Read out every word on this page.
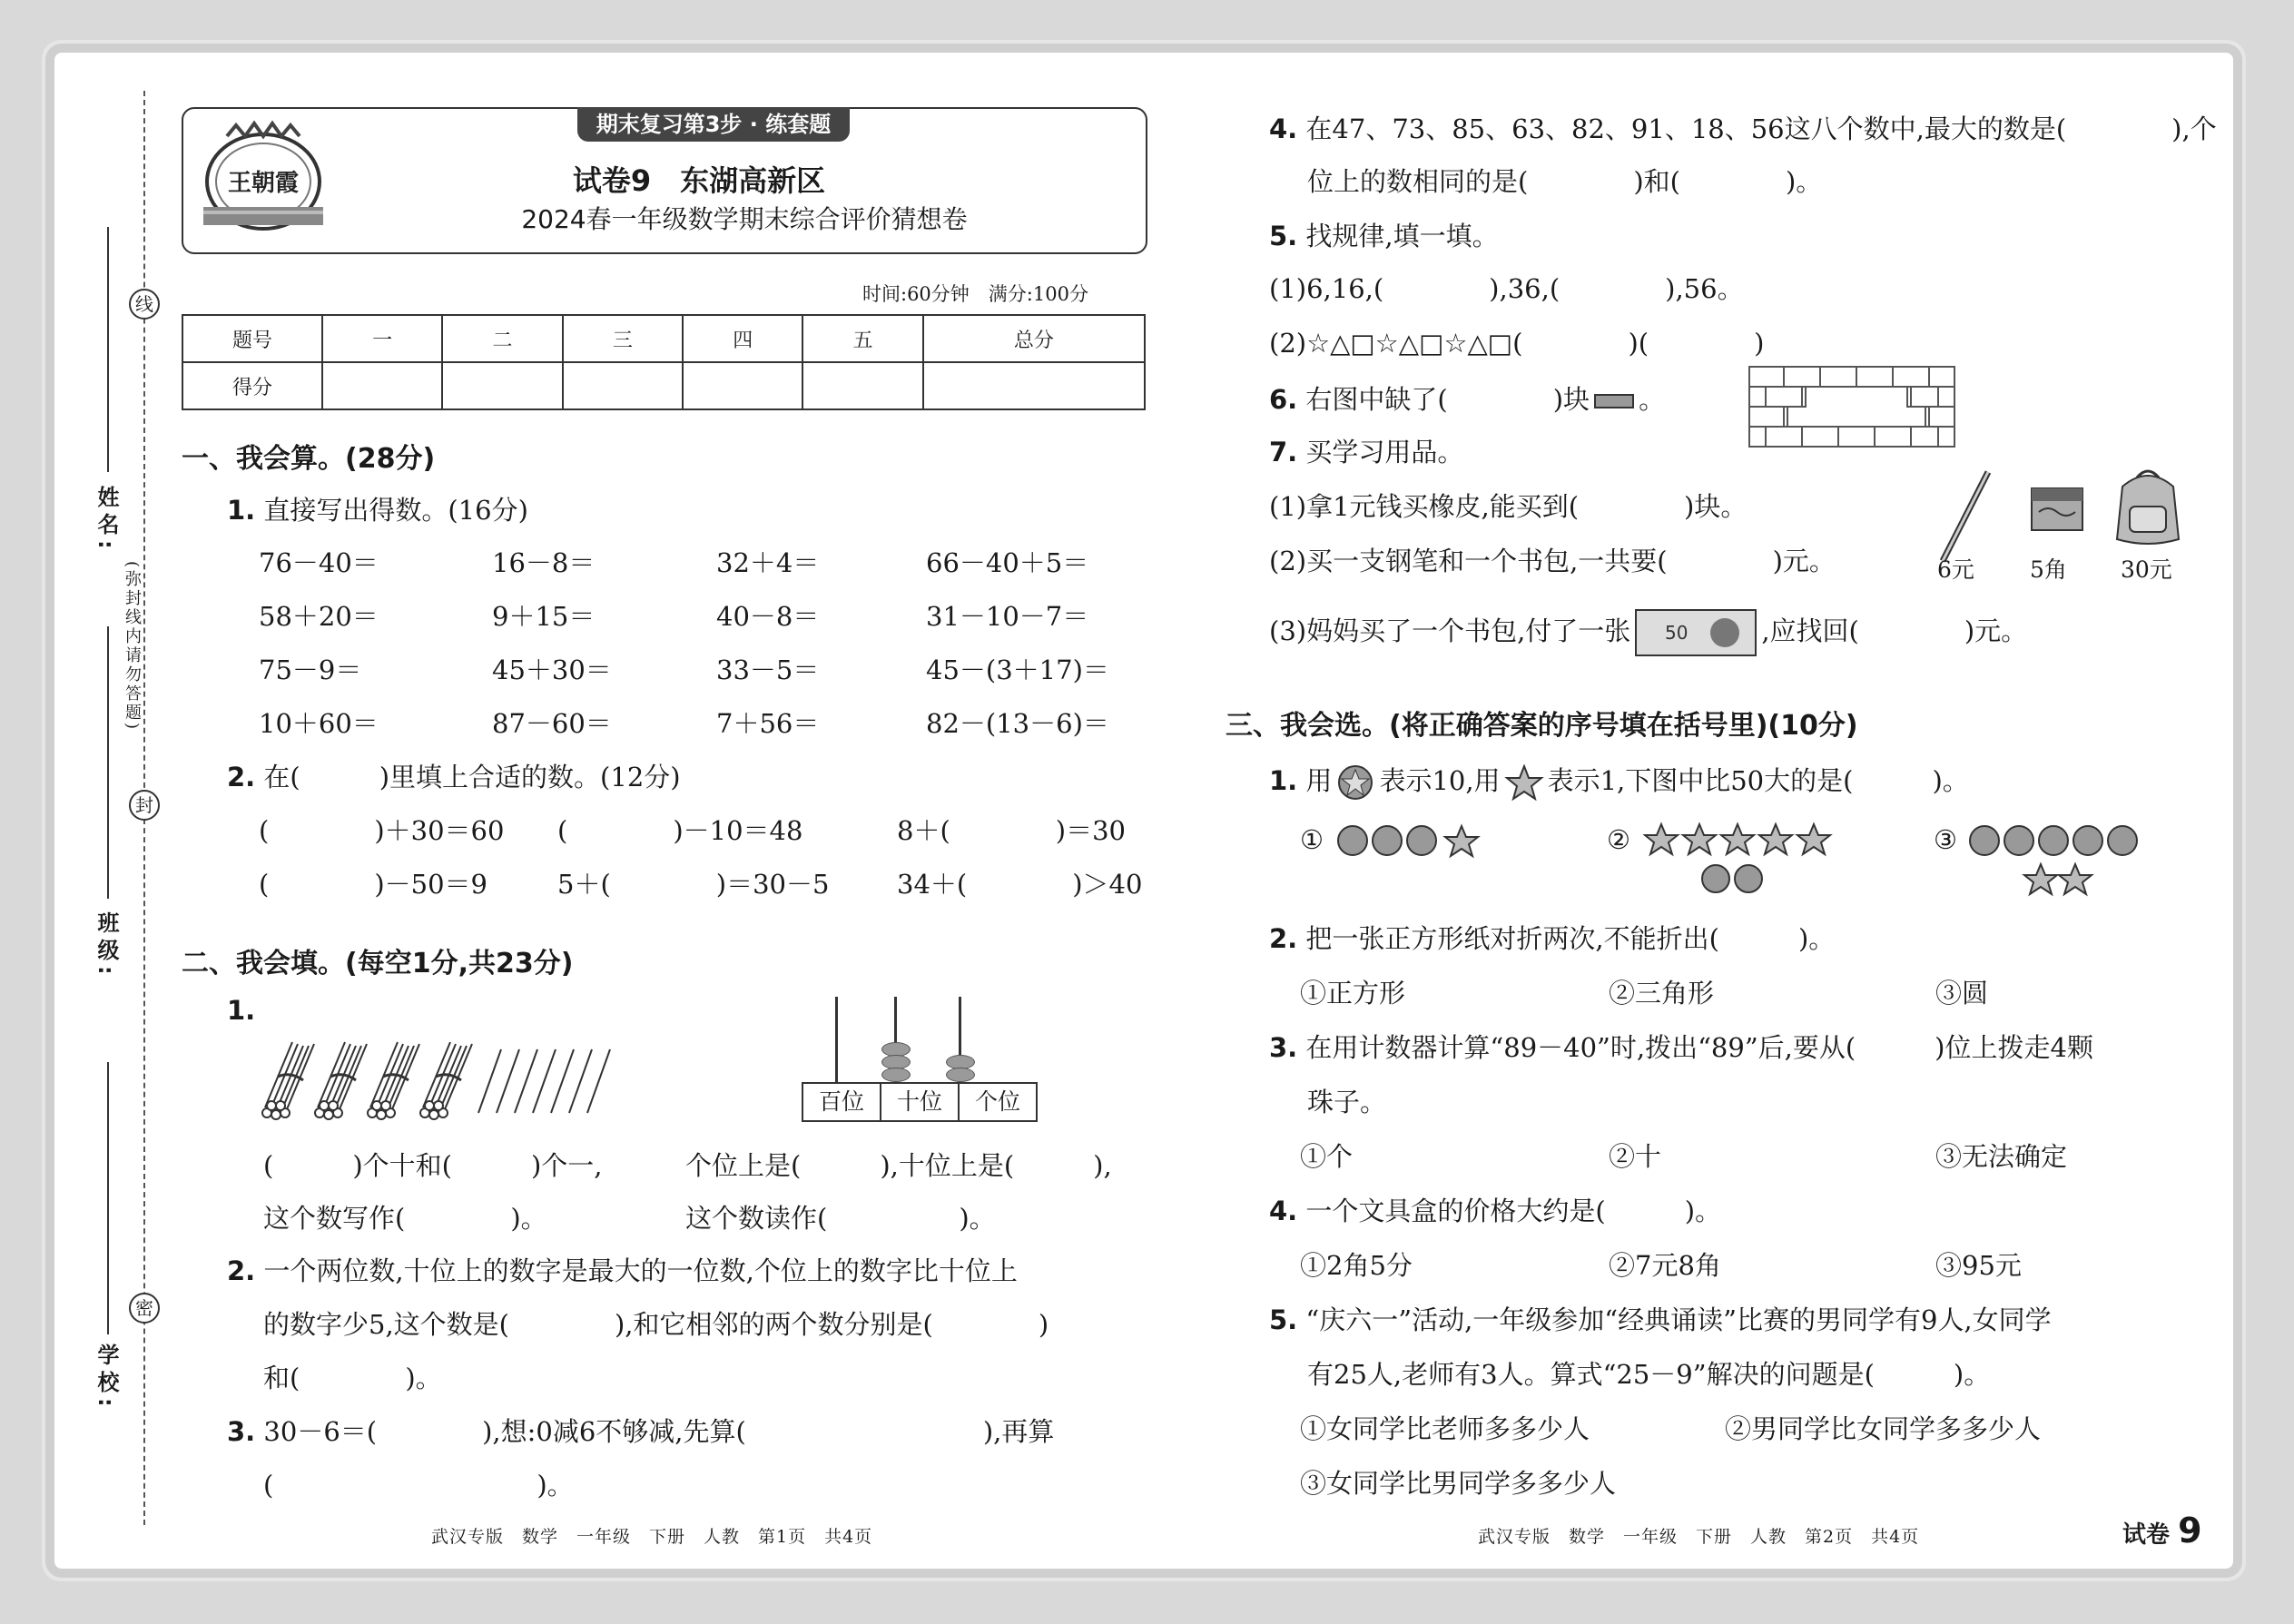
线
封
密
(弥封线内请勿答题)
姓名:
班级:
学校:
期末复习第3步 · 练套题
王朝霞	试卷9　东湖高新区
2024春一年级数学期末综合评价猜想卷
时间:60分钟　满分:100分
题号	一	二	三	四	五	总分
得分						
一、我会算。(28分)
1. 直接写出得数。(16分)
76－40＝	16－8＝	32＋4＝	66－40＋5＝
58＋20＝	9＋15＝	40－8＝	31－10－7＝
75－9＝	45＋30＝	33－5＝	45－(3＋17)＝
10＋60＝	87－60＝	7＋56＝	82－(13－6)＝
2. 在(　　　)里填上合适的数。(12分)
(　　　　)＋30＝60 (　　　　)－10＝48	8＋(　　　　)＝30
(　　　　)－50＝9	5＋(　　　　)＝30－5	34＋(　　　　)＞40
二、我会填。(每空1分,共23分)
1.
百位	十位	个位
(　　　)个十和(　　　)个一,	个位上是(　　　),十位上是(　　　),
这个数写作(　　　　)。	这个数读作(　　　　　)。
2. 一个两位数,十位上的数字是最大的一位数,个位上的数字比十位上
的数字少5,这个数是(　　　　),和它相邻的两个数分别是(　　　　)
和(　　　　)。
3. 30－6＝(　　　　),想:0减6不够减,先算(　　　　　　　　　),再算
(　　　　　　　　　　)。
武汉专版　数学　一年级　下册　人教　第1页　共4页
4. 在47、73、85、63、82、91、18、56这八个数中,最大的数是(　　　　),个
位上的数相同的是(　　　　)和(　　　　)。
5. 找规律,填一填。
(1)6,16,(　　　　),36,(　　　　),56。
(2)☆△□☆△□☆△□(　　　　)(　　　　)
6. 右图中缺了(　　　　)块 。
7. 买学习用品。
(1)拿1元钱买橡皮,能买到(　　　　)块。
(2)买一支钢笔和一个书包,一共要(　　　　)元。	6元 5角 30元
(3)妈妈买了一个书包,付了一张 50	,应找回(　　　　)元。
三、我会选。(将正确答案的序号填在括号里)(10分)
1. 用 表示10,用 表示1,下图中比50大的是(　　　)。
①	②	③
2. 把一张正方形纸对折两次,不能折出(　　　)。
①正方形	②三角形	③圆
3. 在用计数器计算“89－40”时,拨出“89”后,要从(　　　)位上拨走4颗
珠子。
①个	②十	③无法确定
4. 一个文具盒的价格大约是(　　　)。
①2角5分	②7元8角	③95元
5. “庆六一”活动,一年级参加“经典诵读”比赛的男同学有9人,女同学
有25人,老师有3人。算式“25－9”解决的问题是(　　　)。
①女同学比老师多多少人	②男同学比女同学多多少人
③女同学比男同学多多少人
武汉专版　数学　一年级　下册　人教　第2页　共4页	试卷 9
